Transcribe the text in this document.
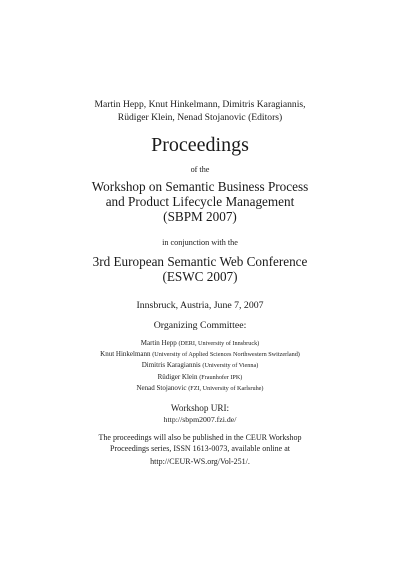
Martin Hepp, Knut Hinkelmann, Dimitris Karagiannis,
Rüdiger Klein, Nenad Stojanovic (Editors)
Proceedings
of the
Workshop on Semantic Business Process
and Product Lifecycle Management
(SBPM 2007)
in conjunction with the
3rd European Semantic Web Conference
(ESWC 2007)
Innsbruck, Austria, June 7, 2007
Organizing Committee:
Martin Hepp (DERI, University of Innsbruck)
Knut Hinkelmann (University of Applied Sciences Northwestern Switzerland)
Dimitris Karagiannis (University of Vienna)
Rüdiger Klein (Fraunhofer IPK)
Nenad Stojanovic (FZI, University of Karlsruhe)
Workshop URI:
http://sbpm2007.fzi.de/
The proceedings will also be published in the CEUR Workshop
Proceedings series, ISSN 1613-0073, available online at
http://CEUR-WS.org/Vol-251/.
